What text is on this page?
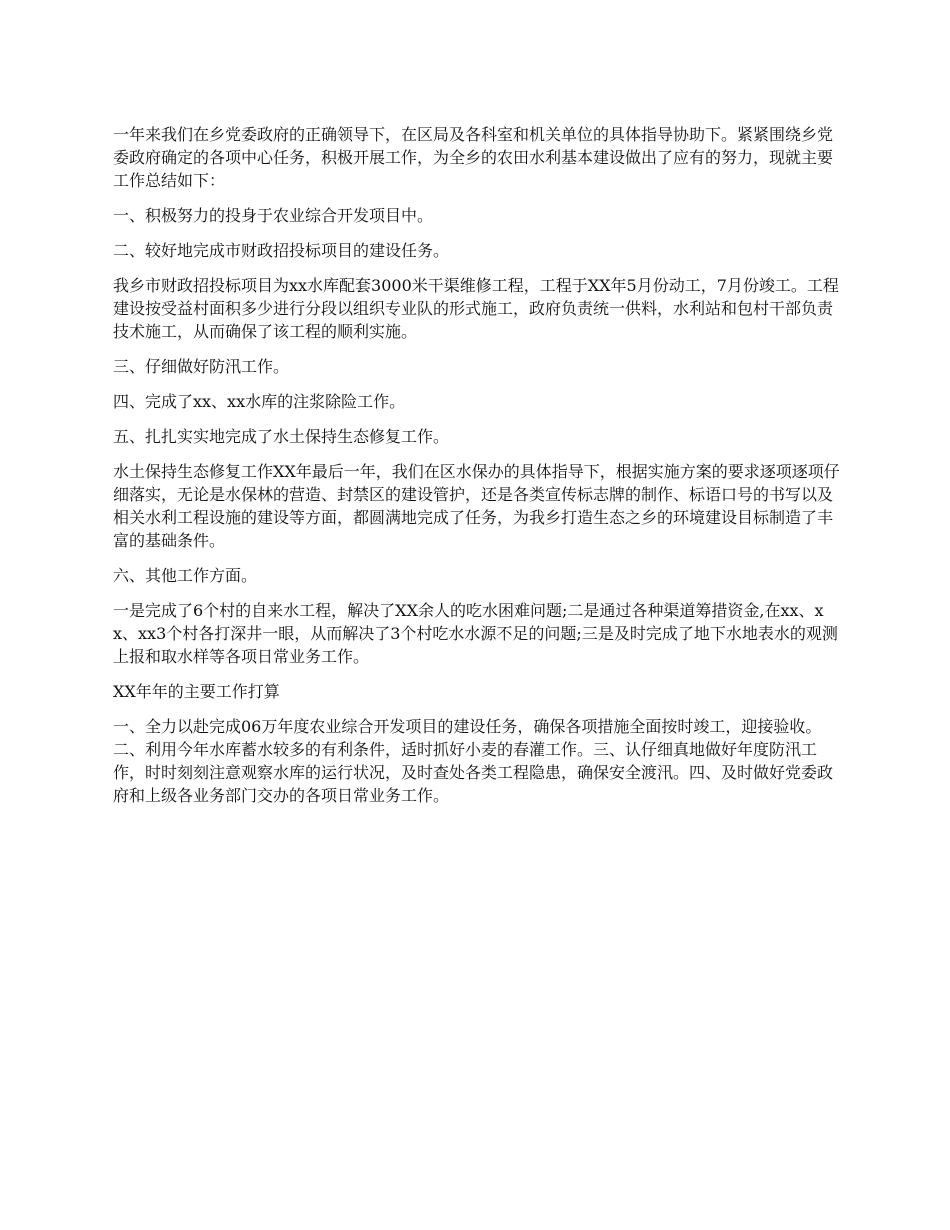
一年来我们在乡党委政府的正确领导下，在区局及各科室和机关单位的具体指导协助下。紧紧围绕乡党委政府确定的各项中心任务，积极开展工作，为全乡的农田水利基本建设做出了应有的努力，现就主要工作总结如下：

一、积极努力的投身于农业综合开发项目中。

二、较好地完成市财政招投标项目的建设任务。

我乡市财政招投标项目为xx水库配套3000米干渠维修工程，工程于XX年5月份动工，7月份竣工。工程建设按受益村面积多少进行分段以组织专业队的形式施工，政府负责统一供料，水利站和包村干部负责技术施工，从而确保了该工程的顺利实施。

三、仔细做好防汛工作。

四、完成了xx、xx水库的注浆除险工作。

五、扎扎实实地完成了水土保持生态修复工作。

水土保持生态修复工作XX年最后一年，我们在区水保办的具体指导下，根据实施方案的要求逐项逐项仔细落实，无论是水保林的营造、封禁区的建设管护，还是各类宣传标志牌的制作、标语口号的书写以及相关水利工程设施的建设等方面，都圆满地完成了任务，为我乡打造生态之乡的环境建设目标制造了丰富的基础条件。

六、其他工作方面。

一是完成了6个村的自来水工程，解决了XX余人的吃水困难问题;二是通过各种渠道筹措资金,在xx、xx、xx3个村各打深井一眼，从而解决了3个村吃水水源不足的问题;三是及时完成了地下水地表水的观测上报和取水样等各项日常业务工作。

XX年年的主要工作打算

一、全力以赴完成06万年度农业综合开发项目的建设任务，确保各项措施全面按时竣工，迎接验收。二、利用今年水库蓄水较多的有利条件，适时抓好小麦的春灌工作。三、认仔细真地做好年度防汛工作，时时刻刻注意观察水库的运行状况，及时查处各类工程隐患，确保安全渡汛。四、及时做好党委政府和上级各业务部门交办的各项日常业务工作。
